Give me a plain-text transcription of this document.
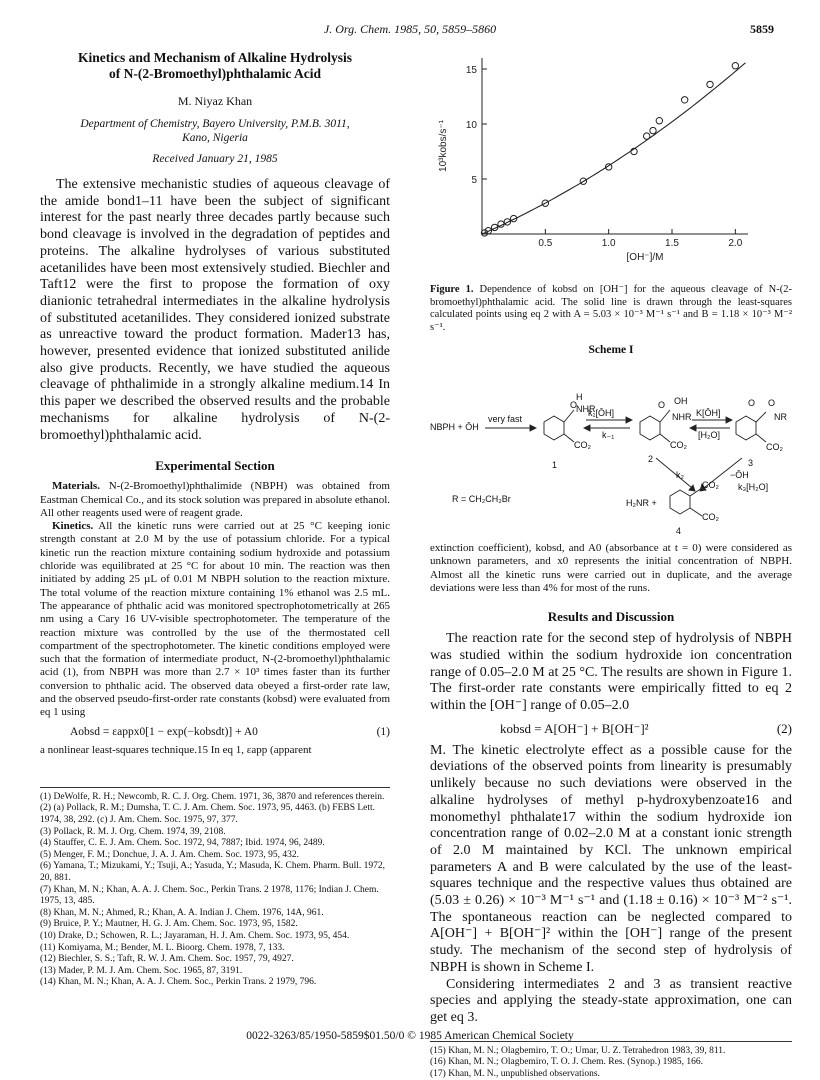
J. Org. Chem. 1985, 50, 5859–5860	5859

Kinetics and Mechanism of Alkaline Hydrolysis
of N-(2-Bromoethyl)phthalamic Acid

M. Niyaz Khan
Department of Chemistry, Bayero University, P.M.B. 3011,
Kano, Nigeria
Received January 21, 1985

The extensive mechanistic studies of aqueous cleavage of the amide bond1–11 have been the subject of significant interest for the past nearly three decades partly because such bond cleavage is involved in the degradation of peptides and proteins. The alkaline hydrolyses of various substituted acetanilides have been most extensively studied. Biechler and Taft12 were the first to propose the formation of oxy dianionic tetrahedral intermediates in the alkaline hydrolysis of substituted acetanilides. They considered ionized substrate as unreactive toward the product formation. Mader13 has, however, presented evidence that ionized substituted anilide also give products. Recently, we have studied the aqueous cleavage of phthalimide in a strongly alkaline medium.14 In this paper we described the observed results and the probable mechanisms for alkaline hydrolysis of N-(2-bromoethyl)phthalamic acid.

Experimental Section

Materials. N-(2-Bromoethyl)phthalimide (NBPH) was obtained from Eastman Chemical Co., and its stock solution was prepared in absolute ethanol. All other reagents used were of reagent grade.

Kinetics. All the kinetic runs were carried out at 25 °C keeping ionic strength constant at 2.0 M by the use of potassium chloride. For a typical kinetic run the reaction mixture containing sodium hydroxide and potassium chloride was equilibrated at 25 °C for about 10 min. The reaction was then initiated by adding 25 µL of 0.01 M NBPH solution to the reaction mixture. The total volume of the reaction mixture containing 1% ethanol was 2.5 mL. The appearance of phthalic acid was monitored spectrophotometrically at 265 nm using a Cary 16 UV-visible spectrophotometer. The temperature of the reaction mixture was controlled by the use of the thermostated cell compartment of the spectrophotometer. The kinetic conditions employed were such that the formation of intermediate product, N-(2-bromoethyl)phthalamic acid (1), from NBPH was more than 2.7 × 10³ times faster than its further conversion to phthalic acid. The observed data obeyed a first-order rate law, and the observed pseudo-first-order rate constants (kobsd) were evaluated from eq 1 using

Aobsd = εappx0[1 − exp(−kobsdt)] + A0	(1)

a nonlinear least-squares technique.15 In eq 1, εapp (apparent

(1) DeWolfe, R. H.; Newcomb, R. C. J. Org. Chem. 1971, 36, 3870 and references therein.
(2) (a) Pollack, R. M.; Dumsha, T. C. J. Am. Chem. Soc. 1973, 95, 4463. (b) FEBS Lett. 1974, 38, 292. (c) J. Am. Chem. Soc. 1975, 97, 377.
(3) Pollack, R. M. J. Org. Chem. 1974, 39, 2108.
(4) Stauffer, C. E. J. Am. Chem. Soc. 1972, 94, 7887; Ibid. 1974, 96, 2489.
(5) Menger, F. M.; Donchue, J. A. J. Am. Chem. Soc. 1973, 95, 432.
(6) Yamana, T.; Mizukami, Y.; Tsuji, A.; Yasuda, Y.; Masuda, K. Chem. Pharm. Bull. 1972, 20, 881.
(7) Khan, M. N.; Khan, A. A. J. Chem. Soc., Perkin Trans. 2 1978, 1176; Indian J. Chem. 1975, 13, 485.
(8) Khan, M. N.; Ahmed, R.; Khan, A. A. Indian J. Chem. 1976, 14A, 961.
(9) Bruice, P. Y.; Mautner, H. G. J. Am. Chem. Soc. 1973, 95, 1582.
(10) Drake, D.; Schowen, R. L.; Jayaraman, H. J. Am. Chem. Soc. 1973, 95, 454.
(11) Komiyama, M.; Bender, M. L. Bioorg. Chem. 1978, 7, 133.
(12) Biechler, S. S.; Taft, R. W. J. Am. Chem. Soc. 1957, 79, 4927.
(13) Mader, P. M. J. Am. Chem. Soc. 1965, 87, 3191.
(14) Khan, M. N.; Khan, A. A. J. Chem. Soc., Perkin Trans. 2 1979, 796.
0.5	1.0	1.5	2.0
5
10
15
[OH⁻]/M
10³kobs/s⁻¹

Figure 1. Dependence of kobsd on [OH⁻] for the aqueous cleavage of N-(2-bromoethyl)phthalamic acid. The solid line is drawn through the least-squares calculated points using eq 2 with A = 5.03 × 10⁻³ M⁻¹ s⁻¹ and B = 1.18 × 10⁻³ M⁻² s⁻¹.

Scheme I
NBPH + ŌH
very fast
k₁[ŌH]
k₋₁
O
H
NHR
CO₂
1
O OH
NHR
CO₂
2
K[ŌH]
[H₂O]
O O
NR
CO₂
3
k₂	−ŌH
k₃[H₂O]
H₂NR +
CO₂
CO₂
4
R = CH₂CH₂Br

extinction coefficient), kobsd, and A0 (absorbance at t = 0) were considered as unknown parameters, and x0 represents the initial concentration of NBPH. Almost all the kinetic runs were carried out in duplicate, and the average deviations were less than 4% for most of the runs.

Results and Discussion

The reaction rate for the second step of hydrolysis of NBPH was studied within the sodium hydroxide ion concentration range of 0.05–2.0 M at 25 °C. The results are shown in Figure 1. The first-order rate constants were empirically fitted to eq 2 within the [OH⁻] range of 0.05–2.0

kobsd = A[OH⁻] + B[OH⁻]²	(2)

M. The kinetic electrolyte effect as a possible cause for the deviations of the observed points from linearity is presumably unlikely because no such deviations were observed in the alkaline hydrolyses of methyl p-hydroxybenzoate16 and monomethyl phthalate17 within the sodium hydroxide ion concentration range of 0.02–2.0 M at a constant ionic strength of 2.0 M maintained by KCl. The unknown empirical parameters A and B were calculated by the use of the least-squares technique and the respective values thus obtained are (5.03 ± 0.26) × 10⁻³ M⁻¹ s⁻¹ and (1.18 ± 0.16) × 10⁻³ M⁻² s⁻¹. The spontaneous reaction can be neglected compared to A[OH⁻] + B[OH⁻]² within the [OH⁻] range of the present study. The mechanism of the second step of hydrolysis of NBPH is shown in Scheme I.

Considering intermediates 2 and 3 as transient reactive species and applying the steady-state approximation, one can get eq 3.

(15) Khan, M. N.; Olagbemiro, T. O.; Umar, U. Z. Tetrahedron 1983, 39, 811.
(16) Khan, M. N.; Olagbemiro, T. O. J. Chem. Res. (Synop.) 1985, 166.
(17) Khan, M. N., unpublished observations.
0022-3263/85/1950-5859$01.50/0 © 1985 American Chemical Society
